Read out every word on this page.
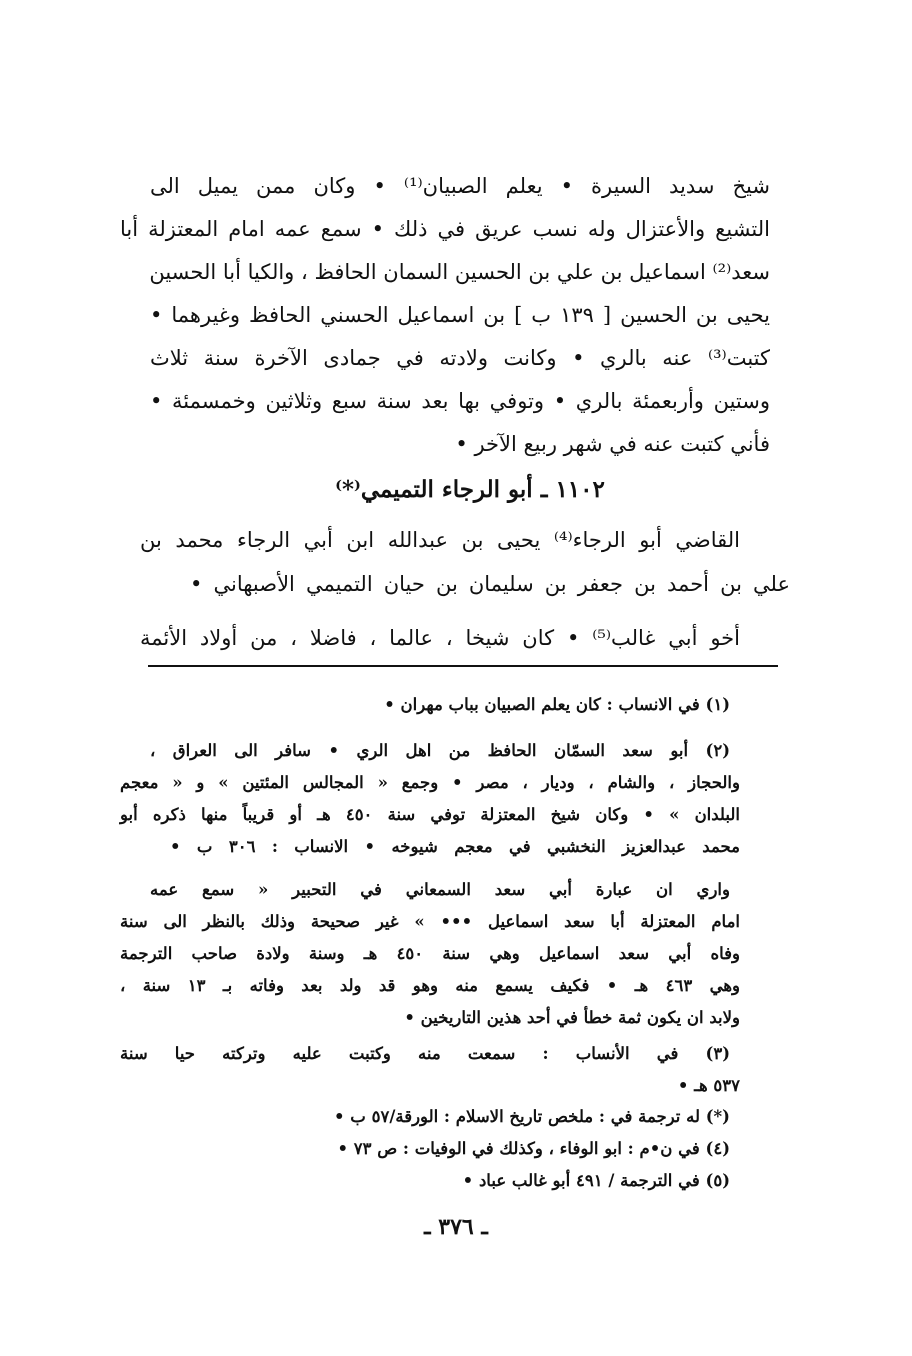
شيخ سديد السيرة • يعلم الصبيان⁽¹⁾ • وكان ممن يميل الى
التشيع والأعتزال وله نسب عريق في ذلك • سمع عمه امام المعتزلة أبا
سعد⁽²⁾ اسماعيل بن علي بن الحسين السمان الحافظ ، والكيا أبا الحسين
يحيى بن الحسين [ ١٣٩ ب ] بن اسماعيل الحسني الحافظ وغيرهما •
كتبت⁽³⁾ عنه بالري • وكانت ولادته في جمادى الآخرة سنة ثلاث
وستين وأربعمئة بالري • وتوفي بها بعد سنة سبع وثلاثين وخمسمئة •
فأني كتبت عنه في شهر ربيع الآخر •
١١٠٢ ـ أبو الرجاء التميمي⁽*⁾
القاضي أبو الرجاء⁽⁴⁾ يحيى بن عبدالله ابن أبي الرجاء محمد بن
علي بن أحمد بن جعفر بن سليمان بن حيان التميمي الأصبهاني •
أخو أبي غالب⁽⁵⁾ • كان شيخا ، عالما ، فاضلا ، من أولاد الأئمة
(١) في الانساب : كان يعلم الصبيان بباب مهران •
(٢) أبو سعد السمّان الحافظ من اهل الري • سافر الى العراق ،
والحجاز ، والشام ، وديار ، مصر • وجمع « المجالس المئتين » و « معجم
البلدان » • وكان شيخ المعتزلة توفي سنة ٤٥٠ هـ أو قريباً منها ذكره أبو
محمد عبدالعزيز النخشبي في معجم شيوخه • الانساب : ٣٠٦ ب •
واري ان عبارة أبي سعد السمعاني في التحبير « سمع عمه
امام المعتزلة أبا سعد اسماعيل ••• » غير صحيحة وذلك بالنظر الى سنة
وفاه أبي سعد اسماعيل وهي سنة ٤٥٠ هـ وسنة ولادة صاحب الترجمة
وهي ٤٦٣ هـ • فكيف يسمع منه وهو قد ولد بعد وفاته بـ ١٣ سنة ،
ولابد ان يكون ثمة خطأ في أحد هذين التاريخين •
(٣) في الأنساب : سمعت منه وكتبت عليه وتركته حيا سنة
٥٣٧ هـ •
(*) له ترجمة في : ملخص تاريخ الاسلام : الورقة/٥٧ ب •
(٤) في ن•م : ابو الوفاء ، وكذلك في الوفيات : ص ٧٣ •
(٥) في الترجمة / ٤٩١ أبو غالب عباد •
ـ ٣٧٦ ـ
